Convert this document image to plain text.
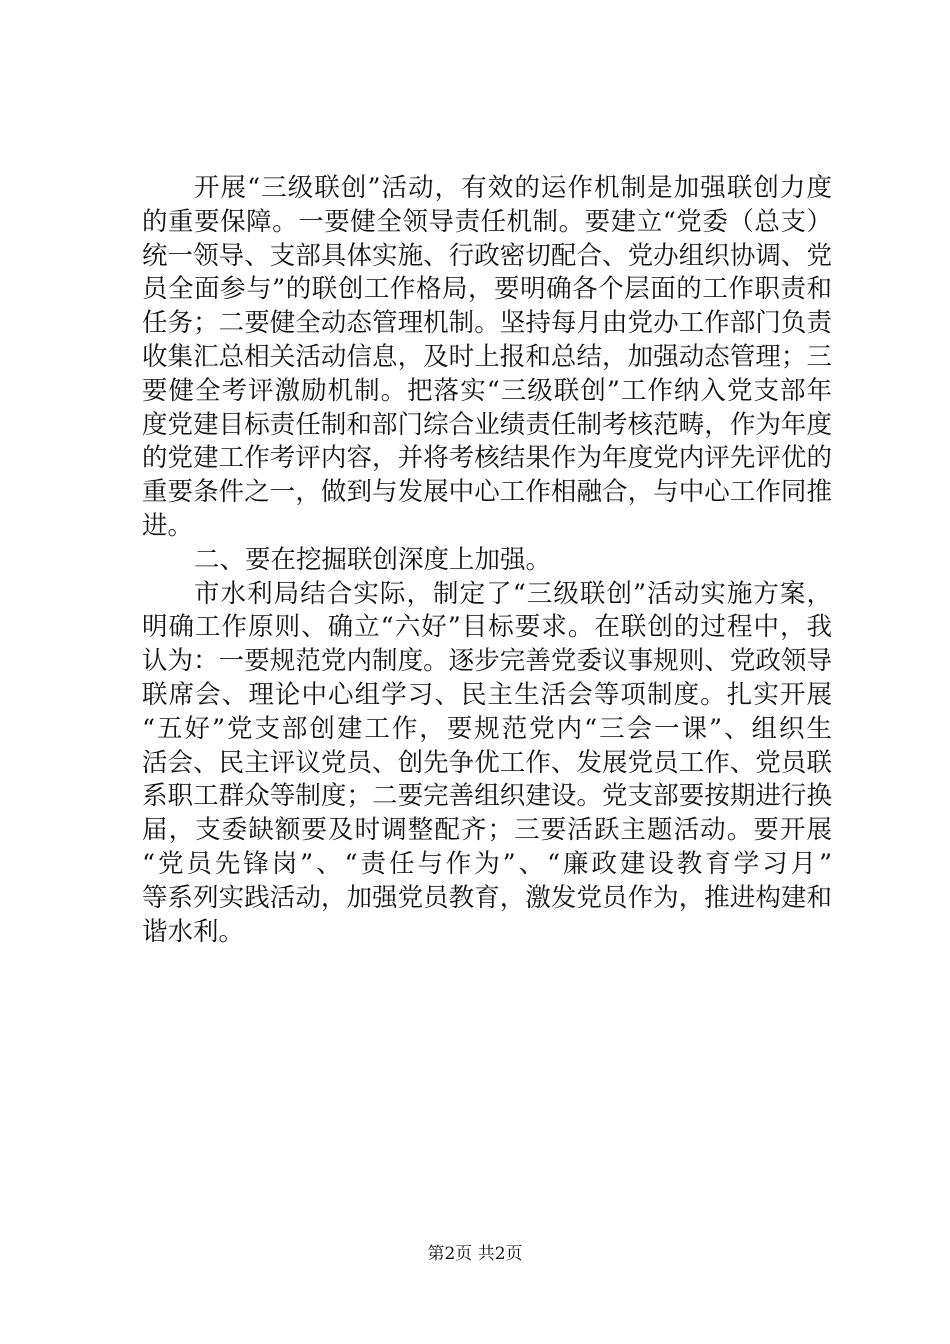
开展“三级联创”活动，有效的运作机制是加强联创力度
的重要保障。一要健全领导责任机制。要建立“党委（总支）
统一领导、支部具体实施、行政密切配合、党办组织协调、党
员全面参与”的联创工作格局，要明确各个层面的工作职责和
任务；二要健全动态管理机制。坚持每月由党办工作部门负责
收集汇总相关活动信息，及时上报和总结，加强动态管理；三
要健全考评激励机制。把落实“三级联创”工作纳入党支部年
度党建目标责任制和部门综合业绩责任制考核范畴，作为年度
的党建工作考评内容，并将考核结果作为年度党内评先评优的
重要条件之一，做到与发展中心工作相融合，与中心工作同推
进。
二、要在挖掘联创深度上加强。
市水利局结合实际，制定了“三级联创”活动实施方案，
明确工作原则、确立“六好”目标要求。在联创的过程中，我
认为：一要规范党内制度。逐步完善党委议事规则、党政领导
联席会、理论中心组学习、民主生活会等项制度。扎实开展
“五好”党支部创建工作，要规范党内“三会一课”、组织生
活会、民主评议党员、创先争优工作、发展党员工作、党员联
系职工群众等制度；二要完善组织建设。党支部要按期进行换
届，支委缺额要及时调整配齐；三要活跃主题活动。要开展
“党员先锋岗”、“责任与作为”、“廉政建设教育学习月”
等系列实践活动，加强党员教育，激发党员作为，推进构建和
谐水利。
第2页 共2页
